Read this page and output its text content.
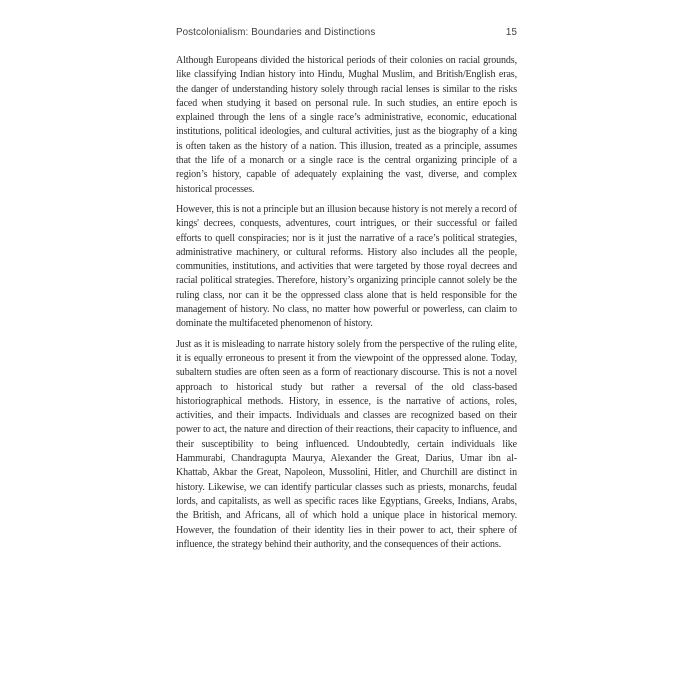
Postcolonialism: Boundaries and Distinctions	15

Although Europeans divided the historical periods of their colonies on racial grounds, like classifying Indian history into Hindu, Mughal Muslim, and British/English eras, the danger of understanding history solely through racial lenses is similar to the risks faced when studying it based on personal rule. In such studies, an entire epoch is explained through the lens of a single race’s administrative, economic, educational institutions, political ideologies, and cultural activities, just as the biography of a king is often taken as the history of a nation. This illusion, treated as a principle, assumes that the life of a monarch or a single race is the central organizing principle of a region’s history, capable of adequately explaining the vast, diverse, and complex historical processes.

However, this is not a principle but an illusion because history is not merely a record of kings' decrees, conquests, adventures, court intrigues, or their successful or failed efforts to quell conspiracies; nor is it just the narrative of a race’s political strategies, administrative machinery, or cultural reforms. History also includes all the people, communities, institutions, and activities that were targeted by those royal decrees and racial political strategies. Therefore, history’s organizing principle cannot solely be the ruling class, nor can it be the oppressed class alone that is held responsible for the management of history. No class, no matter how powerful or powerless, can claim to dominate the multifaceted phenomenon of history.

Just as it is misleading to narrate history solely from the perspective of the ruling elite, it is equally erroneous to present it from the viewpoint of the oppressed alone. Today, subaltern studies are often seen as a form of reactionary discourse. This is not a novel approach to historical study but rather a reversal of the old class-based historiographical methods. History, in essence, is the narrative of actions, roles, activities, and their impacts. Individuals and classes are recognized based on their power to act, the nature and direction of their reactions, their capacity to influence, and their susceptibility to being influenced. Undoubtedly, certain individuals like Hammurabi, Chandragupta Maurya, Alexander the Great, Darius, Umar ibn al-Khattab, Akbar the Great, Napoleon, Mussolini, Hitler, and Churchill are distinct in history. Likewise, we can identify particular classes such as priests, monarchs, feudal lords, and capitalists, as well as specific races like Egyptians, Greeks, Indians, Arabs, the British, and Africans, all of which hold a unique place in historical memory. However, the foundation of their identity lies in their power to act, their sphere of influence, the strategy behind their authority, and the consequences of their actions.
